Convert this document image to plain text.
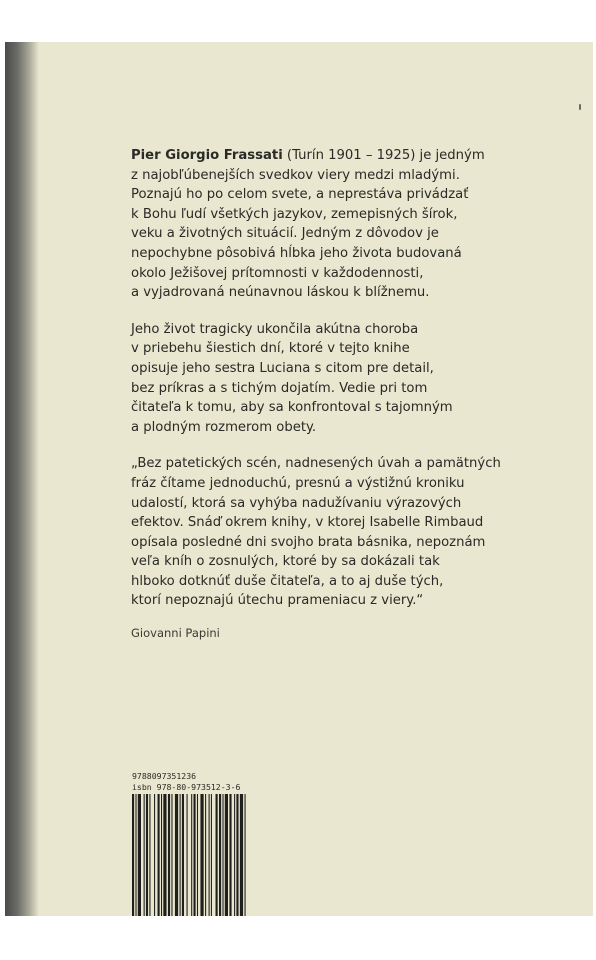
Pier Giorgio Frassati (Turín 1901 – 1925) je jedným
z najobľúbenejších svedkov viery medzi mladými.
Poznajú ho po celom svete, a neprestáva privádzať
k Bohu ľudí všetkých jazykov, zemepisných šírok,
veku a životných situácií. Jedným z dôvodov je
nepochybne pôsobivá hĺbka jeho života budovaná
okolo Ježišovej prítomnosti v každodennosti,
a vyjadrovaná neúnavnou láskou k blížnemu.

Jeho život tragicky ukončila akútna choroba
v priebehu šiestich dní, ktoré v tejto knihe
opisuje jeho sestra Luciana s citom pre detail,
bez príkras a s tichým dojatím. Vedie pri tom
čitateľa k tomu, aby sa konfrontoval s tajomným
a plodným rozmerom obety.

„Bez patetických scén, nadnesených úvah a pamätných
fráz čítame jednoduchú, presnú a výstižnú kroniku
udalostí, ktorá sa vyhýba nadužívaniu výrazových
efektov. Snáď okrem knihy, v ktorej Isabelle Rimbaud
opísala posledné dni svojho brata básnika, nepoznám
veľa kníh o zosnulých, ktoré by sa dokázali tak
hlboko dotknúť duše čitateľa, a to aj duše tých,
ktorí nepoznajú útechu prameniacu z viery.“

Giovanni Papini
9788097351236
isbn 978-80-973512-3-6
